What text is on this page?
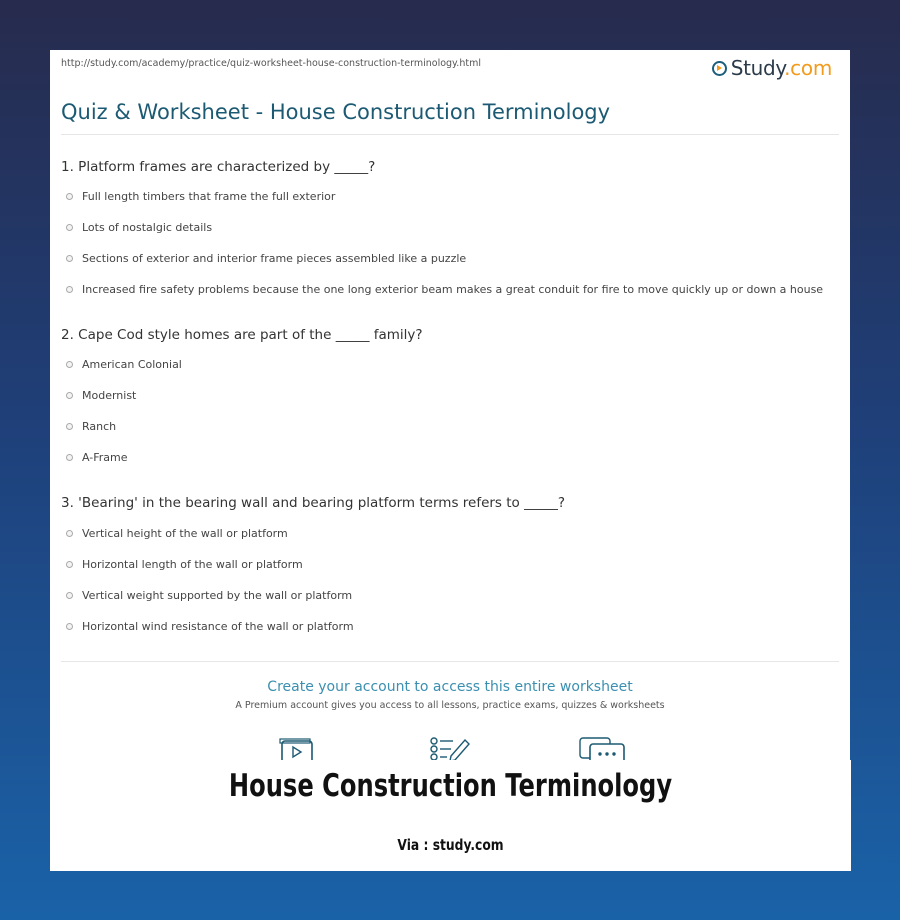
http://study.com/academy/practice/quiz-worksheet-house-construction-terminology.html	Study.com
Quiz & Worksheet - House Construction Terminology
1. Platform frames are characterized by _____?
Full length timbers that frame the full exterior
Lots of nostalgic details
Sections of exterior and interior frame pieces assembled like a puzzle
Increased fire safety problems because the one long exterior beam makes a great conduit for fire to move quickly up or down a house
2. Cape Cod style homes are part of the _____ family?
American Colonial
Modernist
Ranch
A-Frame
3. 'Bearing' in the bearing wall and bearing platform terms refers to _____?
Vertical height of the wall or platform
Horizontal length of the wall or platform
Vertical weight supported by the wall or platform
Horizontal wind resistance of the wall or platform
Create your account to access this entire worksheet
A Premium account gives you access to all lessons, practice exams, quizzes & worksheets
House Construction Terminology
Via : study.com
